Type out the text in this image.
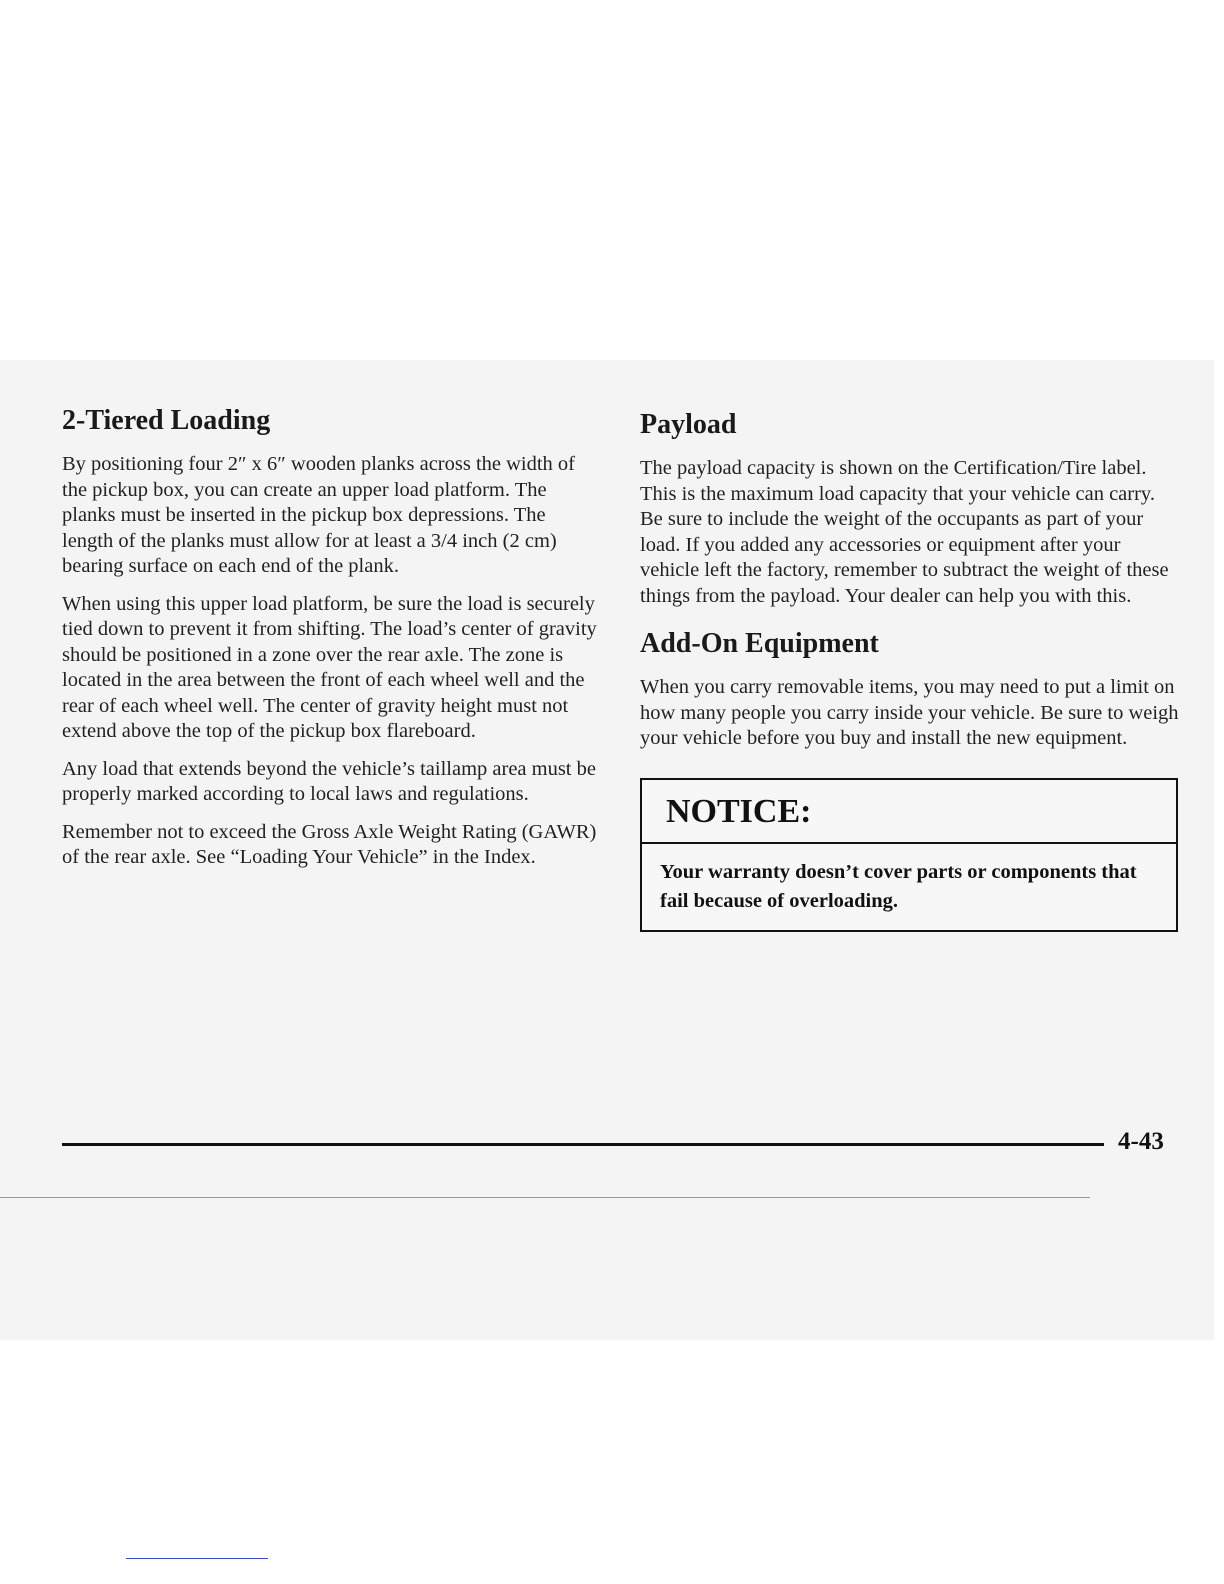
2-Tiered Loading

By positioning four 2″ x 6″ wooden planks across the width of the pickup box, you can create an upper load platform. The planks must be inserted in the pickup box depressions. The length of the planks must allow for at least a 3/4 inch (2 cm) bearing surface on each end of the plank.

When using this upper load platform, be sure the load is securely tied down to prevent it from shifting. The load’s center of gravity should be positioned in a zone over the rear axle. The zone is located in the area between the front of each wheel well and the rear of each wheel well. The center of gravity height must not extend above the top of the pickup box flareboard.

Any load that extends beyond the vehicle’s taillamp area must be properly marked according to local laws and regulations.

Remember not to exceed the Gross Axle Weight Rating (GAWR) of the rear axle. See “Loading Your Vehicle” in the Index.

Payload

The payload capacity is shown on the Certification/Tire label. This is the maximum load capacity that your vehicle can carry. Be sure to include the weight of the occupants as part of your load. If you added any accessories or equipment after your vehicle left the factory, remember to subtract the weight of these things from the payload. Your dealer can help you with this.

Add-On Equipment

When you carry removable items, you may need to put a limit on how many people you carry inside your vehicle. Be sure to weigh your vehicle before you buy and install the new equipment.

NOTICE:
Your warranty doesn’t cover parts or components that fail because of overloading.
4-43
